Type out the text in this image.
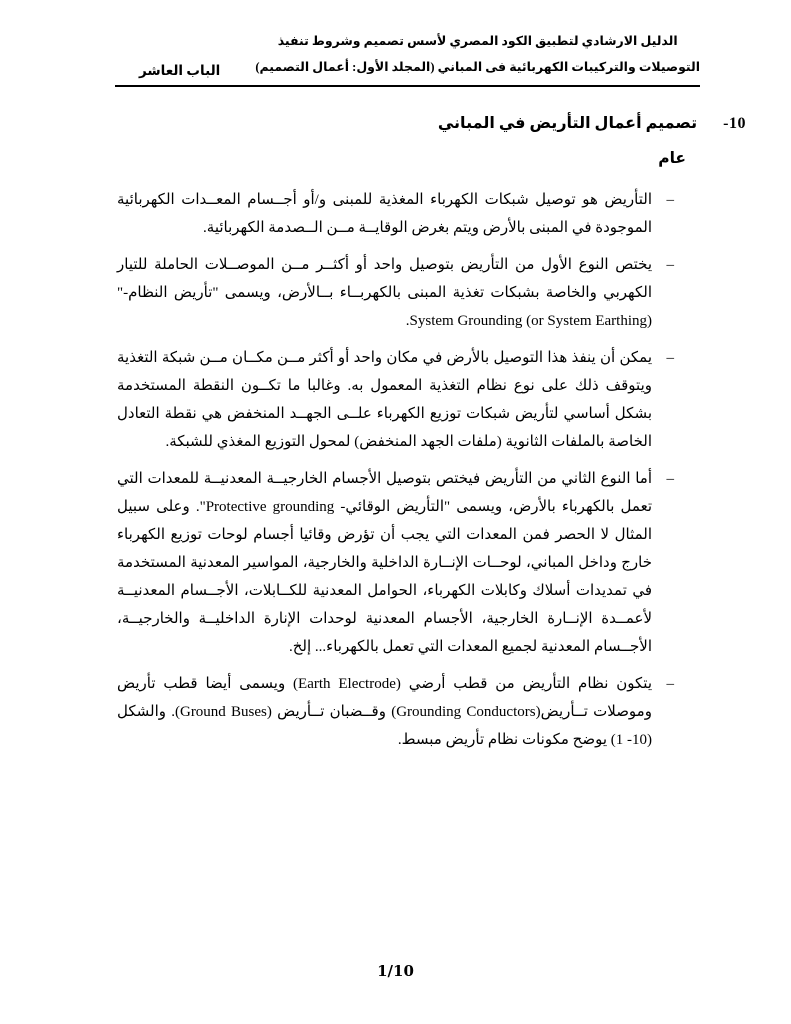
الدليل الارشادي لتطبيق الكود المصري لأسس تصميم وشروط تنفيذ
التوصيلات والتركيبات الكهربائية فى المباني (المجلد الأول: أعمال التصميم)
الباب العاشر
10-
تصميم أعمال التأريض في المباني
عام
–

التأريض هو توصيل شبكات الكهرباء المغذية للمبنى و/أو أجــسام المعــدات الكهربائية الموجودة في المبنى بالأرض ويتم بغرض الوقايــة مــن الــصدمة الكهربائية.

–

يختص النوع الأول من التأريض بتوصيل واحد أو أكثــر مــن الموصــلات الحاملة للتيار الكهربي والخاصة بشبكات تغذية المبنى بالكهربــاء بــالأرض، ويسمى "تأريض النظام-" System Grounding (or System Earthing).

–

يمكن أن ينفذ هذا التوصيل بالأرض في مكان واحد أو أكثر مــن مكــان مــن شبكة التغذية ويتوقف ذلك على نوع نظام التغذية المعمول به. وغالبا ما تكــون النقطة المستخدمة بشكل أساسي لتأريض شبكات توزيع الكهرباء علــى الجهــد المنخفض هي نقطة التعادل الخاصة بالملفات الثانوية (ملفات الجهد المنخفض) لمحول التوزيع المغذي للشبكة.

–

أما النوع الثاني من التأريض فيختص بتوصيل الأجسام الخارجيــة المعدنيــة للمعدات التي تعمل بالكهرباء بالأرض، ويسمى "التأريض الوقائي- Protective grounding". وعلى سبيل المثال لا الحصر فمن المعدات التي يجب أن تؤرض وقائيا أجسام لوحات توزيع الكهرباء خارج وداخل المباني، لوحــات الإنــارة الداخلية والخارجية، المواسير المعدنية المستخدمة في تمديدات أسلاك وكابلات الكهرباء، الحوامل المعدنية للكــابلات، الأجــسام المعدنيــة لأعمــدة الإنــارة الخارجية، الأجسام المعدنية لوحدات الإنارة الداخليــة والخارجيــة، الأجــسام المعدنية لجميع المعدات التي تعمل بالكهرباء... إلخ.

–

يتكون نظام التأريض من قطب أرضي (Earth Electrode) ويسمى أيضا قطب تأريض وموصلات تــأريض(Grounding Conductors) وقــضبان تــأريض (Ground Buses). والشكل (10- 1) يوضح مكونات نظام تأريض مبسط.

1/10
